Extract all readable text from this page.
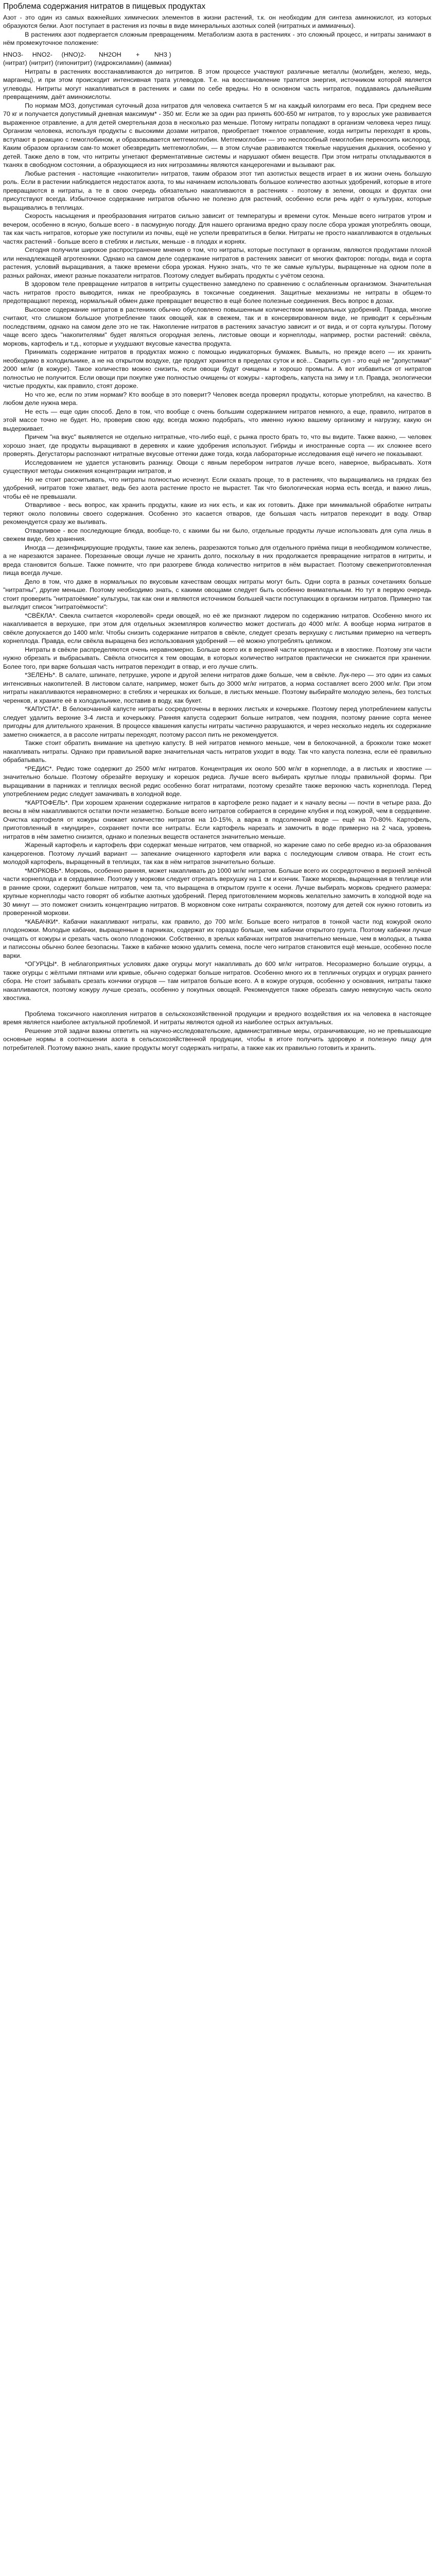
Проблема содержания нитратов в пищевых продуктах

Азот - это один из самых важнейших химических элементов в жизни растений, т.к. он необходим для синтеза аминокислот, из которых образуются белки. Азот поступает в растения из почвы в виде минеральных азотных солей (нитратных и аммиачных).

В растениях азот подвергается сложным превращениям. Метаболизм азота в растениях - это сложный процесс, и нитраты занимают в нём промежуточное положение:

HNO3-     HNO2-     (HNO)2-       NH2OH        +        NH3 )

(нитрат) (нитрит) (гипонитрит) (гидроксиламин) (аммиак)

Нитраты в растениях восстанавливаются до нитритов. В этом процессе участвуют различные металлы (молибден, железо, медь, марганец), и при этом происходит интенсивная трата углеводов. Т.е. на восстановление тратится энергия, источником которой является углеводы. Нитриты могут накапливаться в растениях и сами по себе вредны. Но в основном часть нитратов, поддаваясь дальнейшим превращениям, даёт аминокислоты.

По нормам МОЗ, допустимая суточный доза нитратов для человека считается 5 мг на каждый килограмм его веса. При среднем весе 70 кг и получается допустимый дневная максимум* - 350 мг. Если же за один раз принять 600-650 мг нитратов, то у взрослых уже развивается выраженное отравление, а для детей смертельная доза в несколько раз меньше. Потому нитраты попадают в организм человека через пищу. Организм человека, используя продукты с высокими дозами нитратов, приобретает тяжелое отравление, когда нитриты переходят в кровь, вступают в реакцию с гемоглобином, и образовывается метгемоглобин. Метгемоглобин — это неспособный гемоглобин переносить кислород. Каким образом организм сам-то может обезвредить метгемоглобин, — в этом случае развиваются тяжелые нарушения дыхания, особенно у детей. Также дело в том, что нитриты угнетают ферментативные системы и нарушают обмен веществ. При этом нитраты откладываются в тканях в свободном состоянии, а образующиеся из них нитрозамины являются канцерогенами и вызывают рак.

Любые растения - настоящие «накопители» нитратов, таким образом этот тип азотистых веществ играет в их жизни очень большую роль. Если в растении наблюдается недостаток азота, то мы начинаем использовать большое количество азотных удобрений, которые в итоге превращаются в нитраты, а те в свою очередь обязательно накапливаются в растениях - поэтому в зелени, овощах и фруктах они присутствуют всегда. Избыточное содержание нитратов обычно не полезно для растений, особенно если речь идёт о культурах, которые выращивались в теплицах.

Скорость насыщения и преобразования нитратов сильно зависит от температуры и времени суток. Меньше всего нитратов утром и вечером, особенно в ясную, больше всего - в пасмурную погоду. Для нашего организма вредно сразу после сбора урожая употреблять овощи, так как часть нитратов, которые уже поступили из почвы, ещё не успели превратиться в белки. Нитраты не просто накапливаются в отдельных частях растений - больше всего в стеблях и листьях, меньше - в плодах и корнях.

Сегодня получили широкое распространение мнения о том, что нитраты, которые поступают в организм, являются продуктами плохой или ненадлежащей агротехники. Однако на самом деле содержание нитратов в растениях зависит от многих факторов: погоды, вида и сорта растения, условий выращивания, а также времени сбора урожая. Нужно знать, что те же самые культуры, выращенные на одном поле в разных районах, имеют разные показатели нитратов. Поэтому следует выбирать продукты с учётом сезона.

В здоровом теле превращение нитратов в нитриты существенно замедлено по сравнению с ослабленным организмом. Значительная часть нитратов просто выводится, никак не преобразуясь в токсичные соединения. Защитные механизмы не нитраты в общем-то предотвращают переход, нормальный обмен даже превращает вещество в ещё более полезные соединения. Весь вопрос в дозах.

Высокое содержание нитратов в растениях обычно обусловлено повышенным количеством минеральных удобрений. Правда, многие считают, что слишком большое употребление таких овощей, как в свежем, так и в консервированном виде, не приводит к серьёзным последствиям, однако на самом деле это не так. Накопление нитратов в растениях зачастую зависит и от вида, и от сорта культуры. Потому чаще всего здесь "накопителями" будет являться огородная зелень, листовые овощи и корнеплоды, например, ростки растений: свёкла, морковь, картофель и т.д., которые и ухудшают вкусовые качества продукта.

Принимать содержание нитратов в продуктах можно с помощью индикаторных бумажек. Вымыть, но прежде всего — их хранить необходимо в холодильнике, а не на открытом воздухе, где продукт хранится в пределах суток и всё... Сварить суп - это ещё не "допустимая" 2000 мг/кг (в кожуре). Такое количество можно снизить, если овощи будут очищены и хорошо промыты. А вот избавиться от нитратов полностью не получится. Если овощи при покупке уже полностью очищены от кожуры - картофель, капуста на зиму и т.п. Правда, экологически чистые продукты, как правило, стоят дороже.

Но что же, если по этим нормам? Кто вообще в это поверит? Человек всегда проверял продукты, которые употреблял, на качество. В любом деле нужна мера.

Не есть — еще один способ. Дело в том, что вообще с очень большим содержанием нитратов немного, а еще, правило, нитратов в этой массе точно не будет. Но, проверив свою еду, всегда можно подобрать, что именно нужно вашему организму и нагрузку, какую он выдерживает.

Причем "на вкус" выявляется не отдельно нитратные, что-либо ещё, с рынка просто брать то, что вы видите. Также важно, — человек хорошо знает, где продукты выращивают в деревнях и какие удобрения используют. Гибриды и иностранные сорта — их сложнее всего проверять. Дегустаторы распознают нитратные вкусовые оттенки даже тогда, когда лабораторные исследования ещё ничего не показывают.

Исследованием не удается установить разницу. Овощи с явным перебором нитратов лучше всего, наверное, выбрасывать. Хотя существуют методы снижения концентрации нитратов, и

Но не стоит рассчитывать, что нитраты полностью исчезнут. Если сказать проще, то в растениях, что выращивались на грядках без удобрений, нитратов тоже хватает, ведь без азота растение просто не вырастет. Так что биологическая норма есть всегда, и важно лишь, чтобы её не превышали.

Отварливое - весь вопрос, как хранить продукты, какие из них есть, и как их готовить. Даже при минимальной обработке нитраты теряют около половины своего содержания. Особенно это касается отваров, где большая часть нитратов переходит в воду. Отвар рекомендуется сразу же выливать.

Отварливое - все последующие блюда, вообще-то, с какими бы ни было, отдельные продукты лучше использовать для супа лишь в свежем виде, без хранения.

Иногда — дезинфицирующие продукты, такие как зелень, разрезаются только для отдельного приёма пищи в необходимом количестве, а не нарезаются заранее. Порезанные овощи лучше не хранить долго, поскольку в них продолжается превращение нитратов в нитриты, и вреда становится больше. Также помните, что при разогреве блюда количество нитритов в нём вырастает. Поэтому свежеприготовленная пища всегда лучше.

Дело в том, что даже в нормальных по вкусовым качествам овощах нитраты могут быть. Одни сорта в разных сочетаниях больше "нитратны", другие меньше. Поэтому необходимо знать, с какими овощами следует быть особенно внимательным. Но тут в первую очередь стоит проверить "нитратоёмкие" культуры, так как они и являются источником большей части поступающих в организм нитратов. Примерно так выглядит список "нитратоёмкости":

*СВЁКЛА*. Свекла считается «королевой» среди овощей, но её же признают лидером по содержанию нитратов. Особенно много их накапливается в верхушке, при этом для отдельных экземпляров количество может достигать до 4000 мг/кг. А вообще норма нитратов в свёкле допускается до 1400 мг/кг. Чтобы снизить содержание нитратов в свёкле, следует срезать верхушку с листьями примерно на четверть корнеплода. Правда, если свёкла выращена без использования удобрений — её можно употреблять целиком.

Нитраты в свёкле распределяются очень неравномерно. Больше всего их в верхней части корнеплода и в хвостике. Поэтому эти части нужно обрезать и выбрасывать. Свёкла относится к тем овощам, в которых количество нитратов практически не снижается при хранении. Более того, при варке большая часть нитратов переходит в отвар, и его лучше слить.

*ЗЕЛЕНЬ*. В салате, шпинате, петрушке, укропе и другой зелени нитратов даже больше, чем в свёкле. Лук-перо — это один из самых интенсивных накопителей. В листовом салате, например, может быть до 3000 мг/кг нитратов, а норма составляет всего 2000 мг/кг. При этом нитраты накапливаются неравномерно: в стеблях и черешках их больше, в листьях меньше. Поэтому выбирайте молодую зелень, без толстых черенков, и храните её в холодильнике, поставив в воду, как букет.

*КАПУСТА*. В белокочанной капусте нитраты сосредоточены в верхних листьях и кочерыжке. Поэтому перед употреблением капусты следует удалить верхние 3-4 листа и кочерыжку. Ранняя капуста содержит больше нитратов, чем поздняя, поэтому ранние сорта менее пригодны для длительного хранения. В процессе квашения капусты нитраты частично разрушаются, и через несколько недель их содержание заметно снижается, а в рассоле нитраты переходят, поэтому рассол пить не рекомендуется.

Также стоит обратить внимание на цветную капусту. В ней нитратов немного меньше, чем в белокочанной, а брокколи тоже может накапливать нитраты. Однако при правильной варке значительная часть нитратов уходит в воду. Так что капуста полезна, если её правильно обрабатывать.

*РЕДИС*. Редис тоже содержит до 2500 мг/кг нитратов. Концентрация их около 500 мг/кг в корнеплоде, а в листьях и хвостике — значительно больше. Поэтому обрезайте верхушку и корешок редиса. Лучше всего выбирать круглые плоды правильной формы. При выращивании в парниках и теплицах весной редис особенно богат нитратами, поэтому срезайте также верхнюю часть корнеплода. Перед употреблением редис следует замачивать в холодной воде.

*КАРТОФЕЛЬ*. При хорошем хранении содержание нитратов в картофеле резко падает и к началу весны — почти в четыре раза. До весны в нём накапливаются остатки почти незаметно. Больше всего нитратов собирается в середине клубня и под кожурой, чем в сердцевине. Очистка картофеля от кожуры снижает количество нитратов на 10-15%, а варка в подсоленной воде — ещё на 70-80%. Картофель, приготовленный в «мундире», сохраняет почти все нитраты. Если картофель нарезать и замочить в воде примерно на 2 часа, уровень нитратов в нём заметно снизится, однако и полезных веществ останется значительно меньше.

Жареный картофель и картофель фри содержат меньше нитратов, чем отварной, но жарение само по себе вредно из-за образования канцерогенов. Поэтому лучший вариант — запекание очищенного картофеля или варка с последующим сливом отвара. Не стоит есть молодой картофель, выращенный в теплицах, так как в нём нитратов значительно больше.

*МОРКОВЬ*. Морковь, особенно ранняя, может накапливать до 1000 мг/кг нитратов. Больше всего их сосредоточено в верхней зелёной части корнеплода и в сердцевине. Поэтому у моркови следует отрезать верхушку на 1 см и кончик. Также морковь, выращенная в теплице или в ранние сроки, содержит больше нитратов, чем та, что выращена в открытом грунте к осени. Лучше выбирать морковь среднего размера: крупные корнеплоды часто говорят об избытке азотных удобрений. Перед приготовлением морковь желательно замочить в холодной воде на 30 минут — это поможет снизить концентрацию нитратов. В морковном соке нитраты сохраняются, поэтому для детей сок нужно готовить из проверенной моркови.

*КАБАЧКИ*. Кабачки накапливают нитраты, как правило, до 700 мг/кг. Больше всего нитратов в тонкой части под кожурой около плодоножки. Молодые кабачки, выращенные в парниках, содержат их гораздо больше, чем кабачки открытого грунта. Поэтому кабачки лучше очищать от кожуры и срезать часть около плодоножки. Собственно, в зрелых кабачках нитратов значительно меньше, чем в молодых, а тыква и патиссоны обычно более безопасны. Также в кабачке можно удалить семена, после чего нитратов становится ещё меньше, особенно после варки.

*ОГУРЦЫ*. В неблагоприятных условиях даже огурцы могут накапливать до 600 мг/кг нитратов. Несоразмерно большие огурцы, а также огурцы с жёлтыми пятнами или кривые, обычно содержат больше нитратов. Особенно много их в тепличных огурцах и огурцах раннего сбора. Не стоит забывать срезать кончики огурцов — там нитратов больше всего. А в кожуре огурцов, особенно у основания, нитраты также накапливаются, поэтому кожуру лучше срезать, особенно у покупных овощей. Рекомендуется также обрезать самую невкусную часть около хвостика.

Проблема токсичного накопления нитратов в сельскохозяйственной продукции и вредного воздействия их на человека в настоящее время является наиболее актуальной проблемой. И нитраты являются одной из наиболее острых актуальных.

Решение этой задачи важны ответить на научно-исследовательские, административные меры, ограничивающие, но не превышающие основные нормы в соотношении азота в сельскохозяйственной продукции, чтобы в итоге получить здоровую и полезную пищу для потребителей. Поэтому важно знать, какие продукты могут содержать нитраты, а также как их правильно готовить и хранить.
